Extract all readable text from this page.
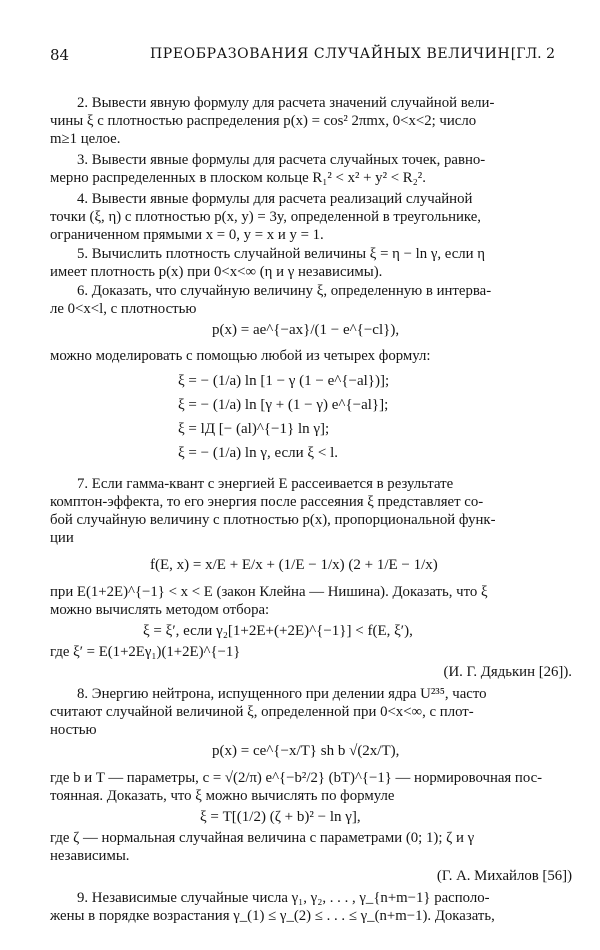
84	ПРЕОБРАЗОВАНИЯ СЛУЧАЙНЫХ ВЕЛИЧИН [ГЛ. 2
2. Вывести явную формулу для расчета значений случайной вели-
чины ξ с плотностью распределения p(x) = cos² 2πmx, 0<x<2; число
m≥1 целое.
3. Вывести явные формулы для расчета случайных точек, равно-
мерно распределенных в плоском кольце R₁² < x² + y² < R₂².
4. Вывести явные формулы для расчета реализаций случайной
точки (ξ, η) с плотностью p(x, y) = 3y, определенной в треугольнике,
ограниченном прямыми x = 0, y = x и y = 1.
5. Вычислить плотность случайной величины ξ = η − ln γ, если η
имеет плотность p(x) при 0<x<∞ (η и γ независимы).
6. Доказать, что случайную величину ξ, определенную в интерва-
ле 0<x<l, с плотностью
p(x) = ae^{−ax}/(1 − e^{−cl}),
можно моделировать с помощью любой из четырех формул:
ξ = − (1/a) ln [1 − γ (1 − e^{−al})];
ξ = − (1/a) ln [γ + (1 − γ) e^{−al}];
ξ = lД [− (al)^{−1} ln γ];
ξ = − (1/a) ln γ, если ξ < l.
7. Если гамма-квант с энергией E рассеивается в результате
комптон-эффекта, то его энергия после рассеяния ξ представляет со-
бой случайную величину с плотностью p(x), пропорциональной функ-
ции
f(E, x) = x/E + E/x + (1/E − 1/x) (2 + 1/E − 1/x)
при E(1+2E)^{−1} < x < E (закон Клейна — Нишина). Доказать, что ξ
можно вычислять методом отбора:
ξ = ξ′, если γ₂[1+2E+(+2E)^{−1}] < f(E, ξ′),
где ξ′ = E(1+2Eγ₁)(1+2E)^{−1}
(И. Г. Дядькин [26]).
8. Энергию нейтрона, испущенного при делении ядра U²³⁵, часто
считают случайной величиной ξ, определенной при 0<x<∞, с плот-
ностью
p(x) = ce^{−x/T} sh b √(2x/T),
где b и T — параметры, c = √(2/π) e^{−b²/2} (bT)^{−1} — нормировочная пос-
тоянная. Доказать, что ξ можно вычислять по формуле
ξ = T[(1/2) (ζ + b)² − ln γ],
где ζ — нормальная случайная величина с параметрами (0; 1); ζ и γ
независимы.
(Г. А. Михайлов [56])
9. Независимые случайные числа γ₁, γ₂, . . . , γ_{n+m−1} располо-
жены в порядке возрастания γ_(1) ≤ γ_(2) ≤ . . . ≤ γ_(n+m−1). Доказать,
